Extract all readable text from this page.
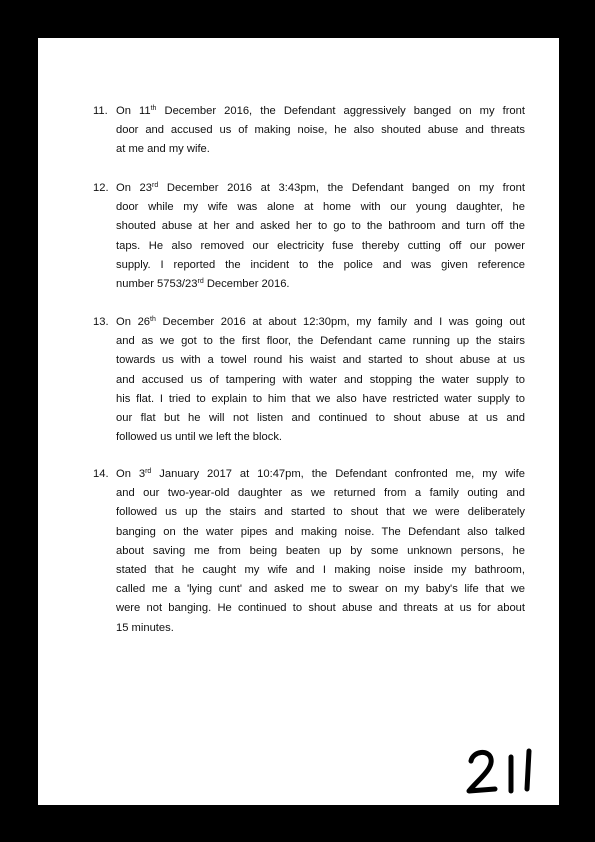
11. On 11th December 2016, the Defendant aggressively banged on my front
door and accused us of making noise, he also shouted abuse and threats
at me and my wife.
12. On 23rd December 2016 at 3:43pm, the Defendant banged on my front
door while my wife was alone at home with our young daughter, he
shouted abuse at her and asked her to go to the bathroom and turn off the
taps. He also removed our electricity fuse thereby cutting off our power
supply. I reported the incident to the police and was given reference
number 5753/23rd December 2016.
13. On 26th December 2016 at about 12:30pm, my family and I was going out
and as we got to the first floor, the Defendant came running up the stairs
towards us with a towel round his waist and started to shout abuse at us
and accused us of tampering with water and stopping the water supply to
his flat. I tried to explain to him that we also have restricted water supply to
our flat but he will not listen and continued to shout abuse at us and
followed us until we left the block.
14. On 3rd January 2017 at 10:47pm, the Defendant confronted me, my wife
and our two-year-old daughter as we returned from a family outing and
followed us up the stairs and started to shout that we were deliberately
banging on the water pipes and making noise. The Defendant also talked
about saving me from being beaten up by some unknown persons, he
stated that he caught my wife and I making noise inside my bathroom,
called me a 'lying cunt' and asked me to swear on my baby's life that we
were not banging. He continued to shout abuse and threats at us for about
15 minutes.
